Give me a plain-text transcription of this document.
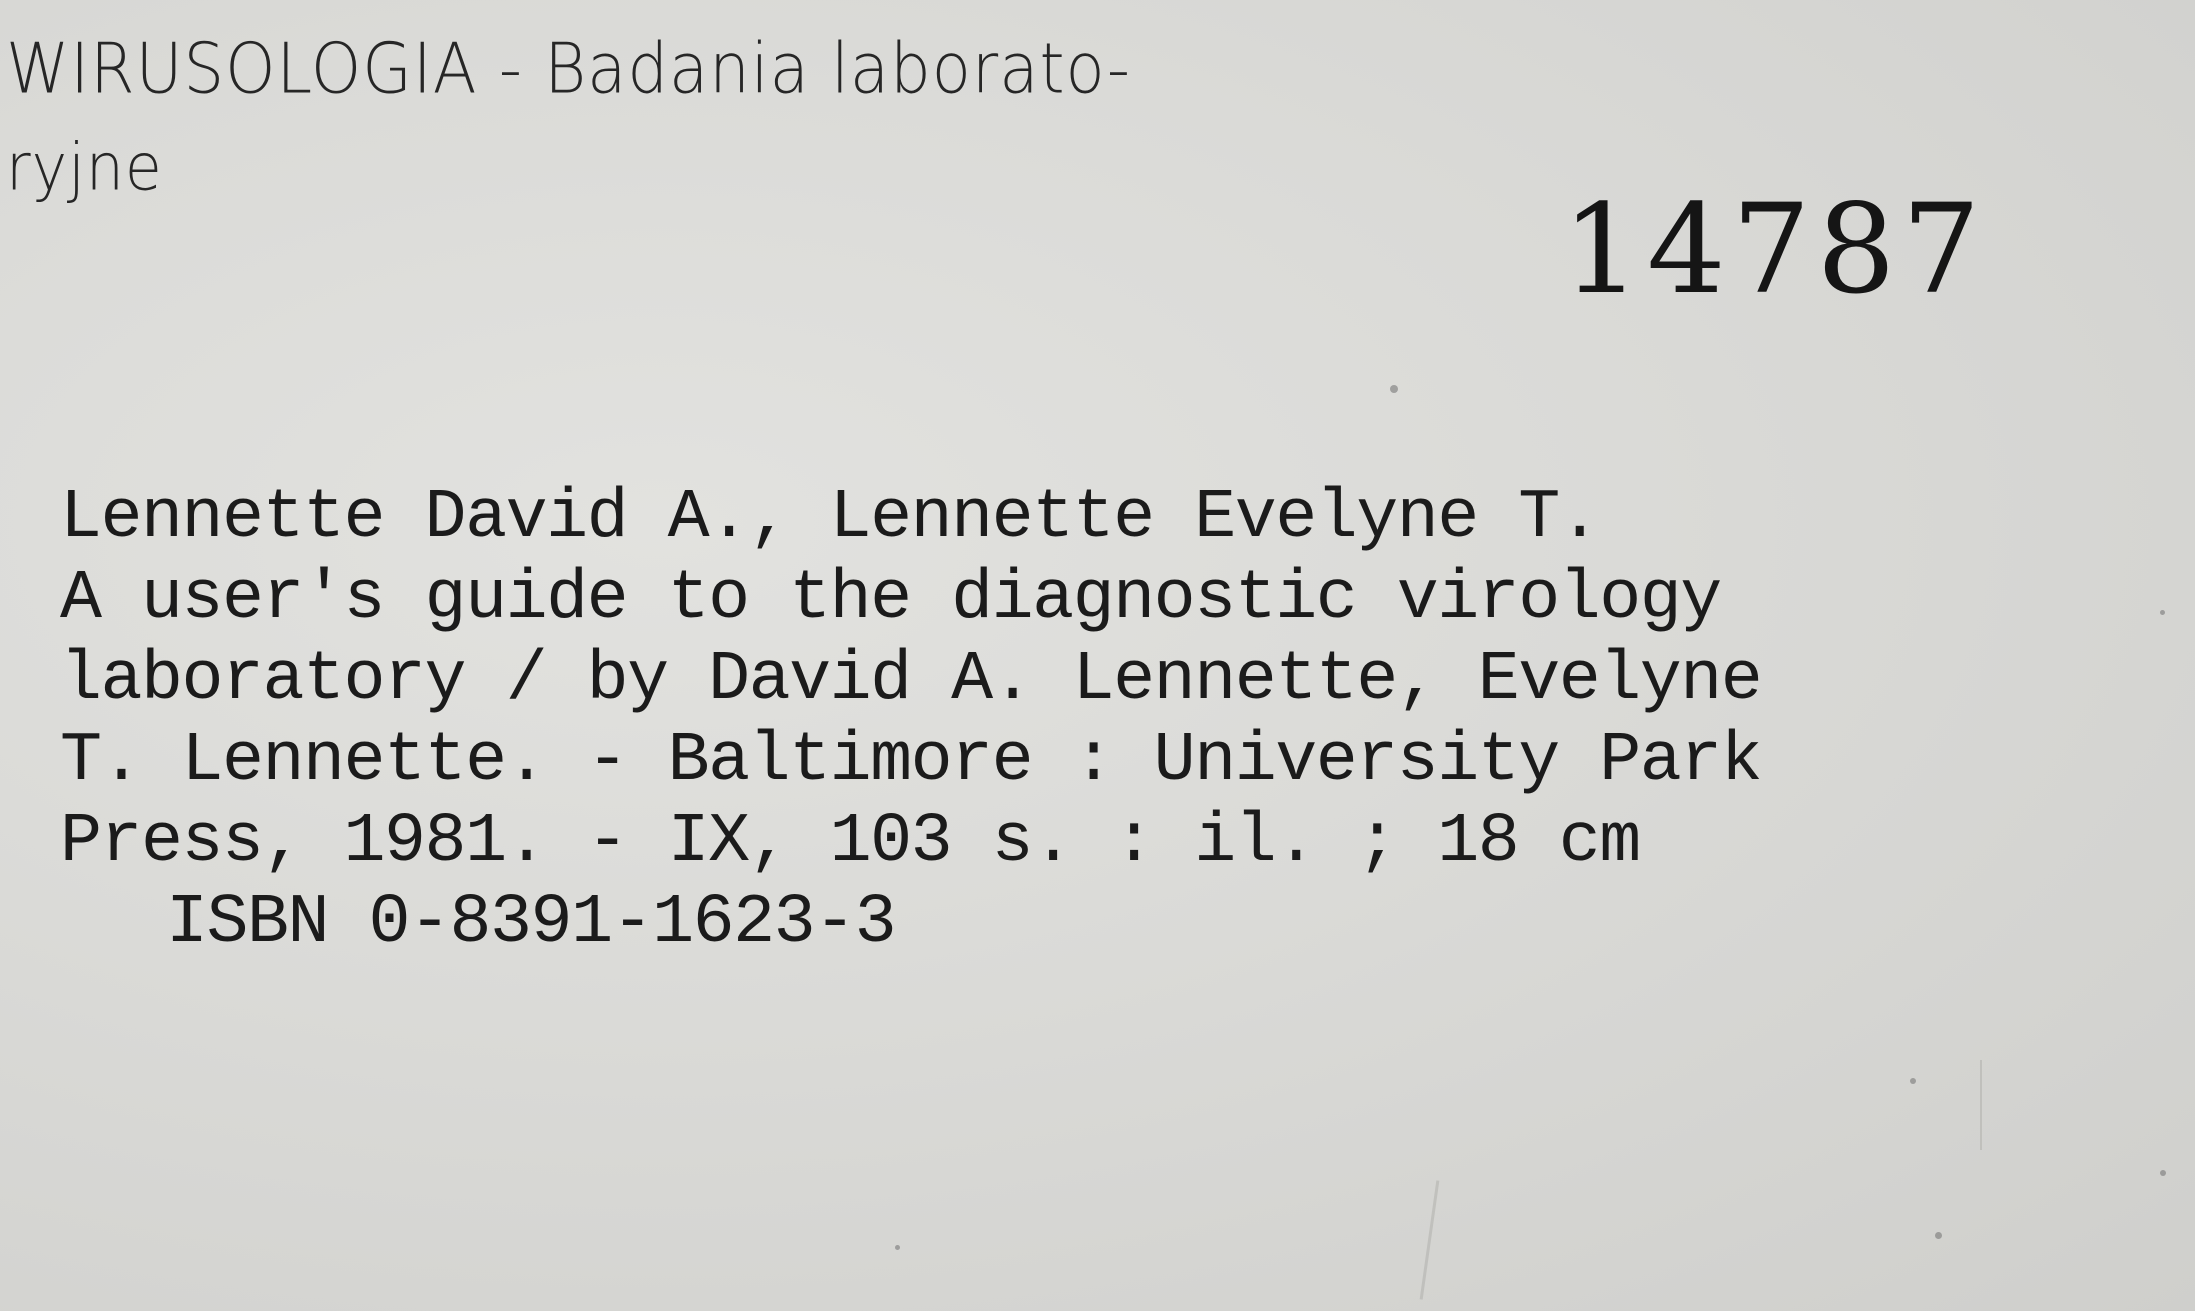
WIRUSOLOGIA - Badania laborato-
ryjne
14787
Lennette David A., Lennette Evelyne T.
A user's guide to the diagnostic virology
laboratory / by David A. Lennette, Evelyne
T. Lennette. - Baltimore : University Park
Press, 1981. - IX, 103 s. : il. ; 18 cm
ISBN 0-8391-1623-3
